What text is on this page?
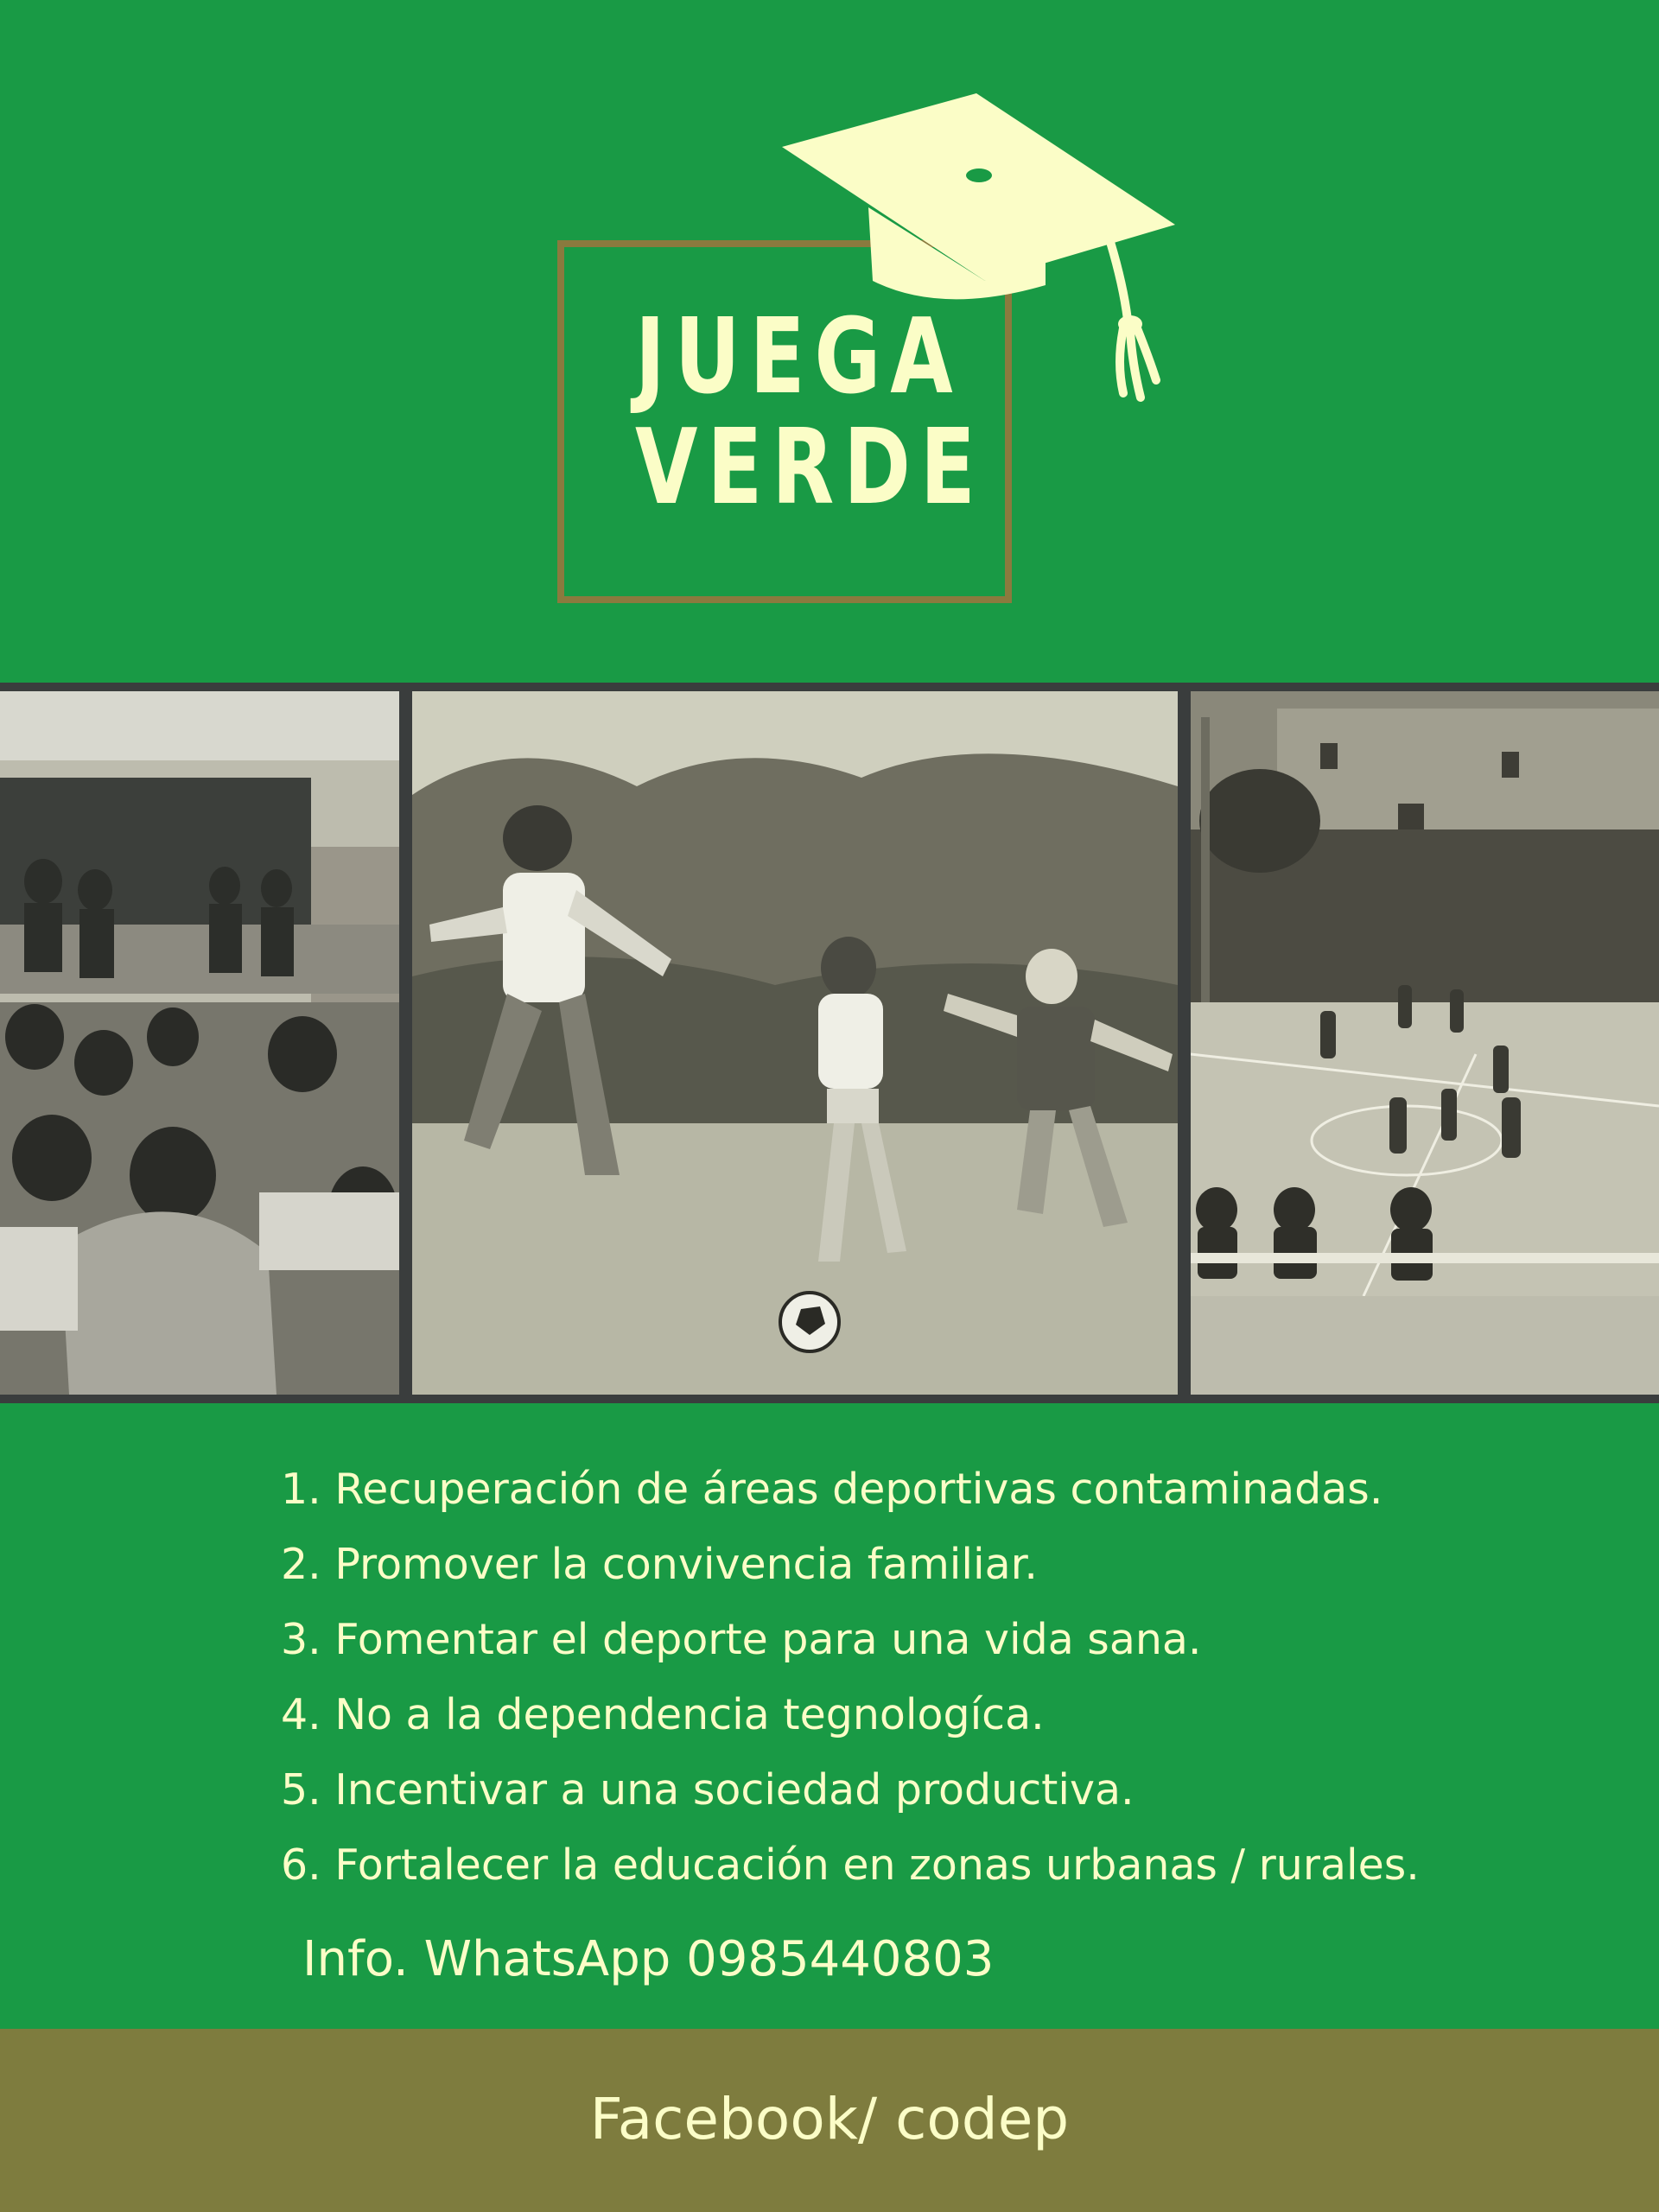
JUEGA
VERDE
1. Recuperación de áreas deportivas contaminadas.
2. Promover la convivencia familiar.
3. Fomentar el deporte para una vida sana.
4. No a la dependencia tegnologíca.
5. Incentivar a una sociedad productiva.
6. Fortalecer la educación en zonas urbanas / rurales.
Info. WhatsApp 0985440803
Facebook/ codep
